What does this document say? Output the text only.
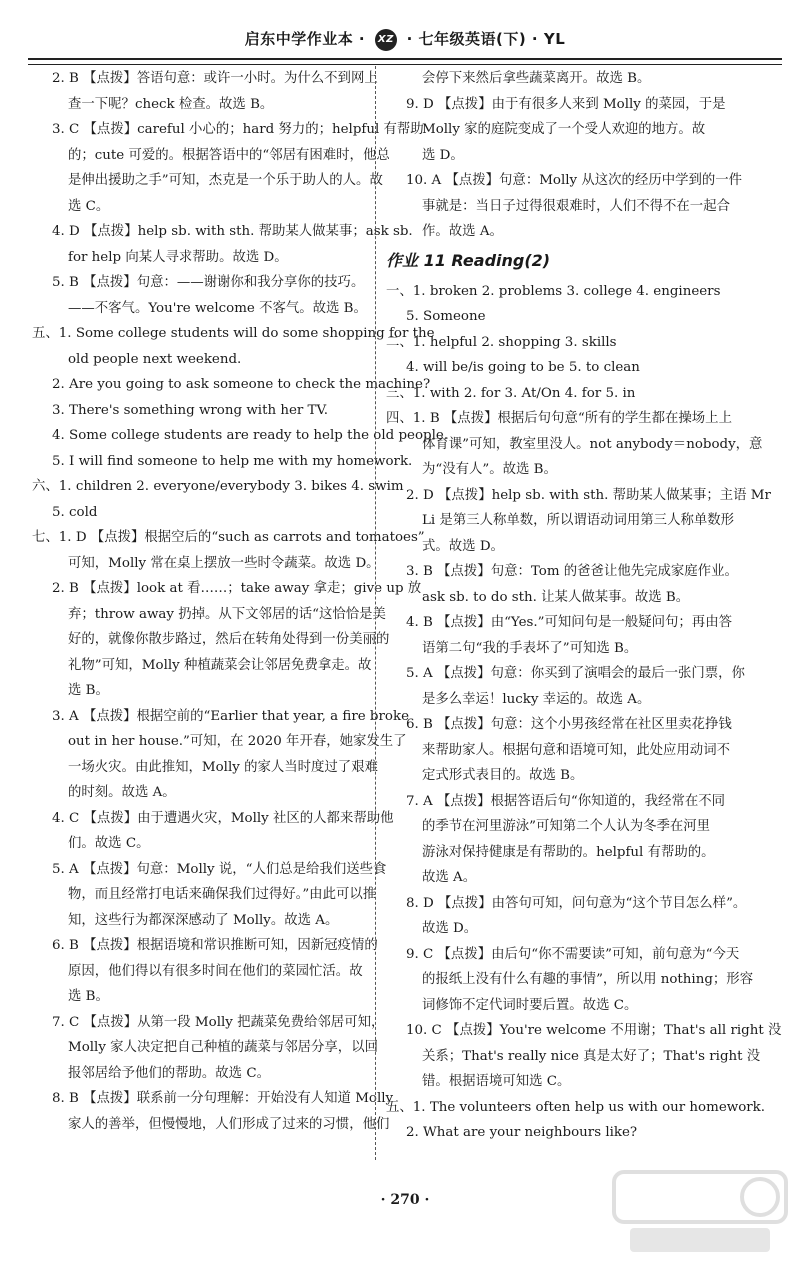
启东中学作业本 · XZ · 七年级英语(下) · YL
2. B 【点拨】答语句意：或许一小时。为什么不到网上
查一下呢？check 检查。故选 B。
3. C 【点拨】careful 小心的；hard 努力的；helpful 有帮助
的；cute 可爱的。根据答语中的“邻居有困难时，他总
是伸出援助之手”可知，杰克是一个乐于助人的人。故
选 C。
4. D 【点拨】help sb. with sth. 帮助某人做某事；ask sb.
for help 向某人寻求帮助。故选 D。
5. B 【点拨】句意：——谢谢你和我分享你的技巧。
——不客气。You're welcome 不客气。故选 B。
五、1. Some college students will do some shopping for the
old people next weekend.
2. Are you going to ask someone to check the machine?
3. There's something wrong with her TV.
4. Some college students are ready to help the old people.
5. I will find someone to help me with my homework.
六、1. children 2. everyone/everybody 3. bikes 4. swim
5. cold
七、1. D 【点拨】根据空后的“such as carrots and tomatoes”
可知，Molly 常在桌上摆放一些时令蔬菜。故选 D。
2. B 【点拨】look at 看……；take away 拿走；give up 放
弃；throw away 扔掉。从下文邻居的话“这恰恰是美
好的，就像你散步路过，然后在转角处得到一份美丽的
礼物”可知，Molly 种植蔬菜会让邻居免费拿走。故
选 B。
3. A 【点拨】根据空前的“Earlier that year, a fire broke
out in her house.”可知，在 2020 年开春，她家发生了
一场火灾。由此推知，Molly 的家人当时度过了艰难
的时刻。故选 A。
4. C 【点拨】由于遭遇火灾，Molly 社区的人都来帮助他
们。故选 C。
5. A 【点拨】句意：Molly 说，“人们总是给我们送些食
物，而且经常打电话来确保我们过得好。”由此可以推
知，这些行为都深深感动了 Molly。故选 A。
6. B 【点拨】根据语境和常识推断可知，因新冠疫情的
原因，他们得以有很多时间在他们的菜园忙活。故
选 B。
7. C 【点拨】从第一段 Molly 把蔬菜免费给邻居可知，
Molly 家人决定把自己种植的蔬菜与邻居分享，以回
报邻居给予他们的帮助。故选 C。
8. B 【点拨】联系前一分句理解：开始没有人知道 Molly
家人的善举，但慢慢地，人们形成了过来的习惯，他们
会停下来然后拿些蔬菜离开。故选 B。
9. D 【点拨】由于有很多人来到 Molly 的菜园，于是
Molly 家的庭院变成了一个受人欢迎的地方。故
选 D。
10. A 【点拨】句意：Molly 从这次的经历中学到的一件
事就是：当日子过得很艰难时，人们不得不在一起合
作。故选 A。
作业 11 Reading(2)
一、1. broken 2. problems 3. college 4. engineers
5. Someone
二、1. helpful 2. shopping 3. skills
4. will be/is going to be 5. to clean
三、1. with 2. for 3. At/On 4. for 5. in
四、1. B 【点拨】根据后句句意“所有的学生都在操场上上
体育课”可知，教室里没人。not anybody＝nobody，意
为“没有人”。故选 B。
2. D 【点拨】help sb. with sth. 帮助某人做某事；主语 Mr
Li 是第三人称单数，所以谓语动词用第三人称单数形
式。故选 D。
3. B 【点拨】句意：Tom 的爸爸让他先完成家庭作业。
ask sb. to do sth. 让某人做某事。故选 B。
4. B 【点拨】由“Yes.”可知问句是一般疑问句；再由答
语第二句“我的手表坏了”可知选 B。
5. A 【点拨】句意：你买到了演唱会的最后一张门票，你
是多么幸运！lucky 幸运的。故选 A。
6. B 【点拨】句意：这个小男孩经常在社区里卖花挣钱
来帮助家人。根据句意和语境可知，此处应用动词不
定式形式表目的。故选 B。
7. A 【点拨】根据答语后句“你知道的，我经常在不同
的季节在河里游泳”可知第二个人认为冬季在河里
游泳对保持健康是有帮助的。helpful 有帮助的。
故选 A。
8. D 【点拨】由答句可知，问句意为“这个节目怎么样”。
故选 D。
9. C 【点拨】由后句“你不需要读”可知，前句意为“今天
的报纸上没有什么有趣的事情”，所以用 nothing；形容
词修饰不定代词时要后置。故选 C。
10. C 【点拨】You're welcome 不用谢；That's all right 没
关系；That's really nice 真是太好了；That's right 没
错。根据语境可知选 C。
五、1. The volunteers often help us with our homework.
2. What are your neighbours like?
· 270 ·
